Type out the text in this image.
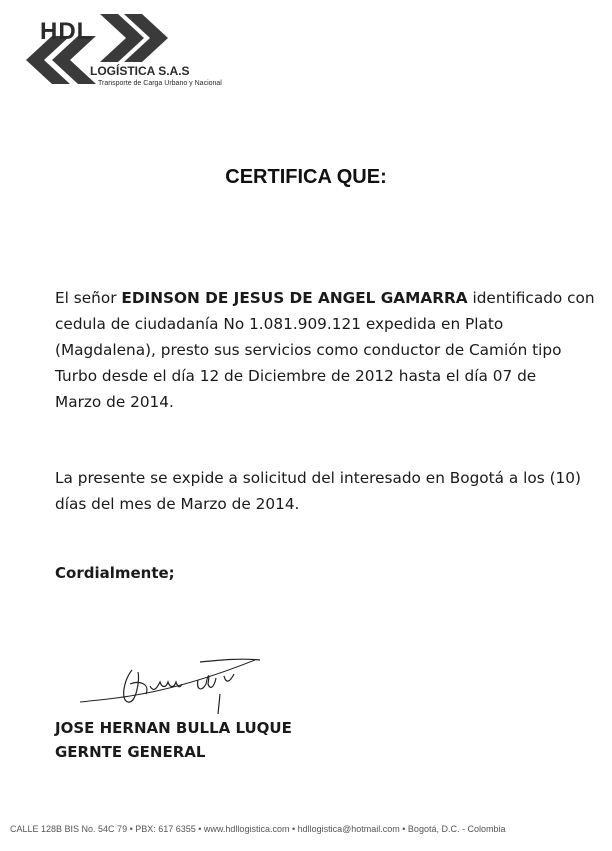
HDL
LOGÍSTICA S.A.S
Transporte de Carga Urbano y Nacional
CERTIFICA QUE:
El señor EDINSON DE JESUS DE ANGEL GAMARRA identificado con
cedula de ciudadanía No 1.081.909.121 expedida en Plato
(Magdalena), presto sus servicios como conductor de Camión tipo
Turbo desde el día 12 de Diciembre de 2012 hasta el día 07 de
Marzo de 2014.
La presente se expide a solicitud del interesado en Bogotá a los (10)
días del mes de Marzo de 2014.
Cordialmente;
JOSE HERNAN BULLA LUQUE
GERNTE GENERAL
CALLE 128B BIS No. 54C 79 • PBX: 617 6355 • www.hdllogistica.com • hdllogistica@hotmail.com • Bogotá, D.C. - Colombia
